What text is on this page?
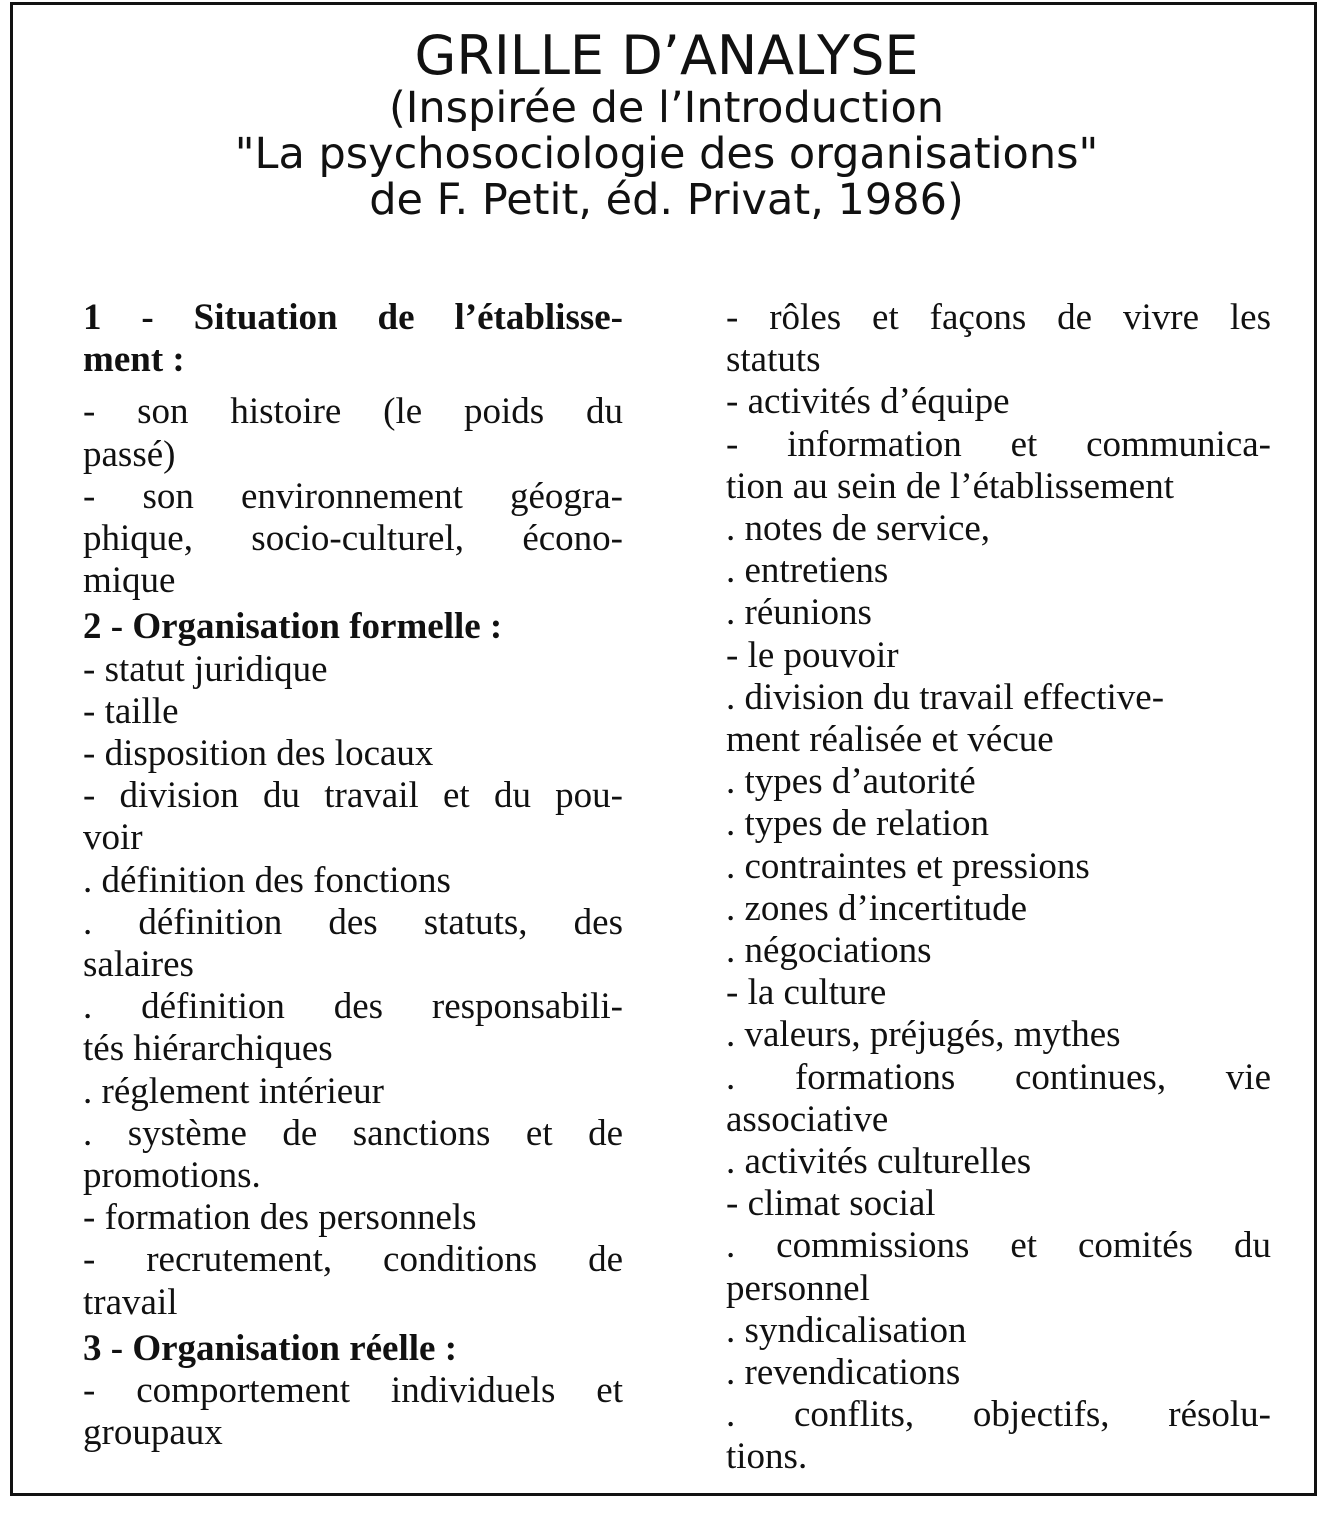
GRILLE D’ANALYSE
(Inspirée de l’Introduction
"La psychosociologie des organisations"
de F. Petit, éd. Privat, 1986)
1 - Situation de l’établisse-
ment :
- son histoire (le poids du
passé)
- son environnement géogra-
phique, socio-culturel, écono-
mique
2 - Organisation formelle :
- statut juridique
- taille
- disposition des locaux
- division du travail et du pou-
voir
. définition des fonctions
. définition des statuts, des
salaires
. définition des responsabili-
tés hiérarchiques
. réglement intérieur
. système de sanctions et de
promotions.
- formation des personnels
- recrutement, conditions de
travail
3 - Organisation réelle :
- comportement individuels et
groupaux
- rôles et façons de vivre les
statuts
- activités d’équipe
- information et communica-
tion au sein de l’établissement
. notes de service,
. entretiens
. réunions
- le pouvoir
. division du travail effective-
ment réalisée et vécue
. types d’autorité
. types de relation
. contraintes et pressions
. zones d’incertitude
. négociations
- la culture
. valeurs, préjugés, mythes
. formations continues, vie
associative
. activités culturelles
- climat social
. commissions et comités du
personnel
. syndicalisation
. revendications
. conflits, objectifs, résolu-
tions.
